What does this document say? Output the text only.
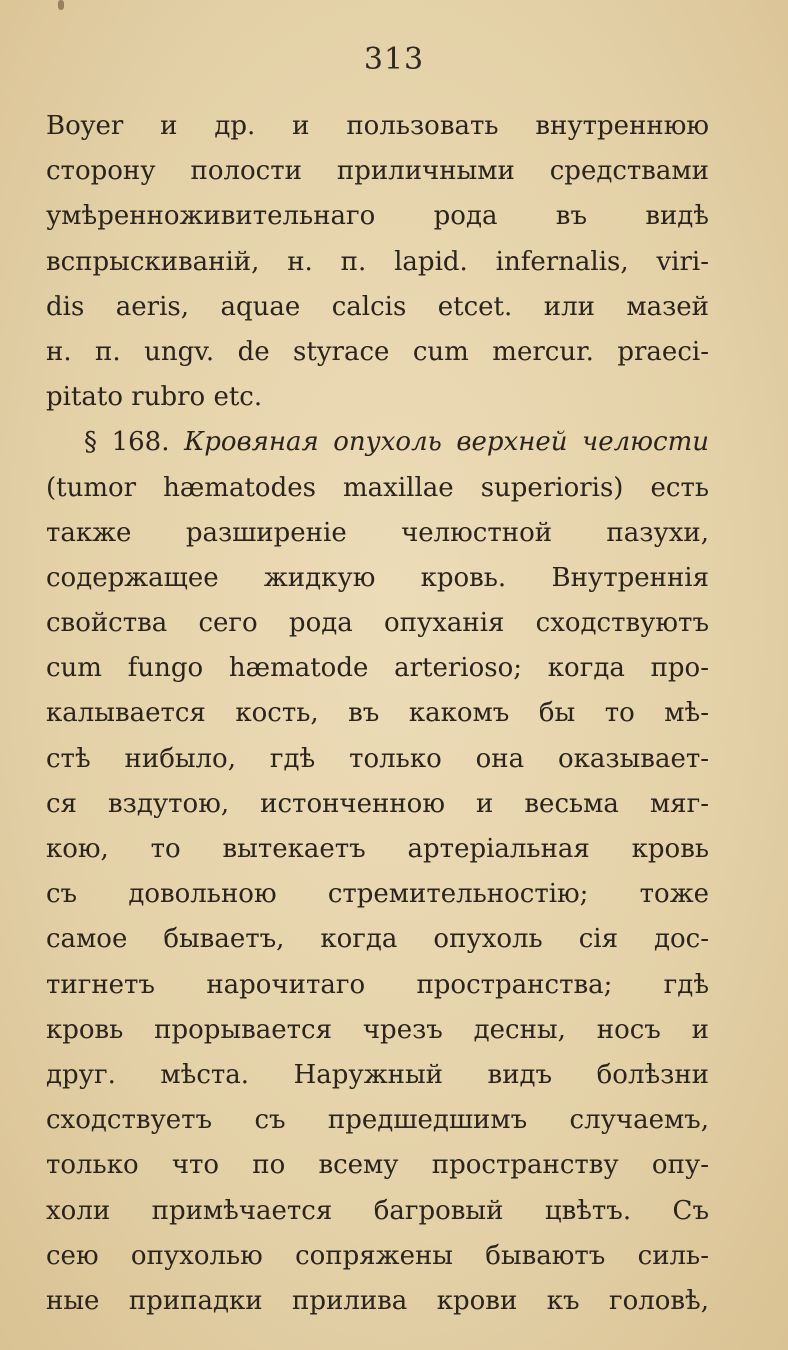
313
Boyer и др. и пользовать внутреннюю
сторону полости приличными средствами
умѣренноживительнаго рода въ видѣ
вспрыскиваній, н. п. lapid. infernalis, viri-
dis aeris, aquae calcis etcet. или мазей
н. п. ungv. de styrace cum mercur. praeci-
pitato rubro etc.
§ 168. Кровяная опухоль верхней челюсти
(tumor hæmatodes maxillae superioris) есть
также разширеніе челюстной пазухи,
содержащее жидкую кровь. Внутреннія
свойства сего рода опуханія сходствуютъ
cum fungo hæmatode arterioso; когда про-
калывается кость, въ какомъ бы то мѣ-
стѣ нибыло, гдѣ только она оказывает-
ся вздутою, истонченною и весьма мяг-
кою, то вытекаетъ артеріальная кровь
съ довольною стремительностію; тоже
самое бываетъ, когда опухоль сія дос-
тигнетъ нарочитаго пространства; гдѣ
кровь прорывается чрезъ десны, носъ и
друг. мѣста. Наружный видъ болѣзни
сходствуетъ съ предшедшимъ случаемъ,
только что по всему пространству опу-
холи примѣчается багровый цвѣтъ. Съ
сею опухолью сопряжены бываютъ силь-
ные припадки прилива крови къ головѣ,
